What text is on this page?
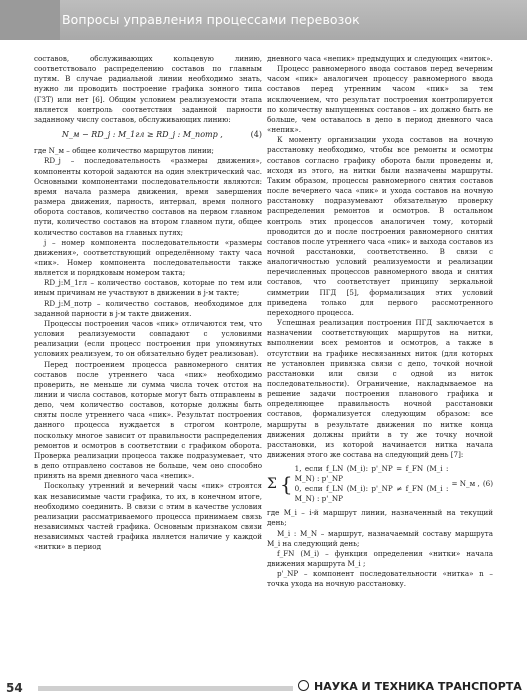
Вопросы управления процессами перевозок

составов, обслуживающих кольцевую линию, соответствовало распределению составов по главным путям. В случае радиальной линии необходимо знать, нужно ли проводить построение графика зонного типа (ГЗТ) или нет [6]. Общим условием реализуемости этапа является контроль соответствия заданной парности заданному числу составов, обслуживающих линию:

N_м − RD_j : M_1гл ≥ RD_j : M_потр ,	(4)

где N_м – общее количество маршрутов линии;

RD_j – последовательность «размеры движения», компоненты которой задаются на один электрический час. Основными компонентами последовательности являются: время начала размера движения, время завершения размера движения, парность, интервал, время полного оборота составов, количество составов на первом главном пути, количество составов на втором главном пути, общее количество составов на главных путях;

j – номер компонента последовательности «размеры движения», соответствующий определённому такту часа «пик». Номер компонента последовательности также является и порядковым номером такта;

RD_j:M_1гл – количество составов, которые по тем или иным причинам не участвуют в движении в j-м такте;

RD_j:M_потр – количество составов, необходимое для заданной парности в j-м такте движения.

Процессы построения часов «пик» отличаются тем, что условия реализуемости совпадают с условиями реализации (если процесс построения при упомянутых условиях реализуем, то он обязательно будет реализован).

Перед построением процесса равномерного снятия составов после утреннего часа «пик» необходимо проверить, не меньше ли сумма числа точек отстоя на линии и числа составов, которые могут быть отправлены в депо, чем количество составов, которые должны быть сняты после утреннего часа «пик». Результат построения данного процесса нуждается в строгом контроле, поскольку многое зависит от правильности распределения ремонтов и осмотров в соответствии с графиком оборота. Проверка реализации процесса также подразумевает, что в депо отправлено составов не больше, чем оно способно принять на время дневного часа «непик».

Поскольку утренний и вечерний часы «пик» строятся как независимые части графика, то их, в конечном итоге, необходимо соединить. В связи с этим в качестве условия реализации рассматриваемого процесса принимаем связь независимых частей графика. Основным признаком связи независимых частей графика является наличие у каждой «нитки» в период

дневного часа «непик» предыдущих и следующих «ниток».

Процесс равномерного ввода составов перед вечерним часом «пик» аналогичен процессу равномерного ввода составов перед утренним часом «пик» за тем исключением, что результат построения контролируется по количеству выпущенных составов – их должно быть не больше, чем оставалось в депо в период дневного часа «непик».

К моменту организации ухода составов на ночную расстановку необходимо, чтобы все ремонты и осмотры составов согласно графику оборота были проведены и, исходя из этого, на нитки были назначены маршруты. Таким образом, процессы равномерного снятия составов после вечернего часа «пик» и ухода составов на ночную расстановку подразумевают обязательную проверку распределения ремонтов и осмотров. В остальном контроль этих процессов аналогичен тому, который проводится до и после построения равномерного снятия составов после утреннего часа «пик» и выхода составов из ночной расстановки, соответственно. В связи с аналогичностью условий реализуемости и реализации перечисленных процессов равномерного ввода и снятия составов, что соответствует принципу зеркальной симметрии ПГД [5], формализация этих условий приведена только для первого рассмотренного переходного процесса.

Успешная реализация построения ПГД заключается в назначении соответствующих маршрутов на нитки, выполнении всех ремонтов и осмотров, а также в отсутствии на графике несвязанных ниток (для которых не установлен привязка связи с депо, точкой ночной расстановки или связи с одной из ниток последовательности). Ограничение, накладываемое на решение задачи построения планового графика и определяющее правильность ночной расстановки составов, формализуется следующим образом: все маршруты в результате движения по нитке конца движения должны прийти в ту же точку ночной расстановки, из которой начинается нитка начала движения этого же состава на следующий день [7]:

Σ {
1, если f_LN (M_i): p'_NP = f_FN (M_i : M_N) : p'_NP
0, если f_LN (M_i): p'_NP ≠ f_FN (M_i : M_N) : p'_NP
= N_м , (6)

где M_i – i-й маршрут линии, назначенный на текущий день;

M_i : M_N – маршрут, назначаемый составу маршрута M_i на следующий день;

f_FN (M_i) – функция определения «нитки» начала движения маршрута M_i ;

p'_NP – компонент последовательности «нитка» n – точка ухода на ночную расстановку.

54	НАУКА И ТЕХНИКА ТРАНСПОРТА
